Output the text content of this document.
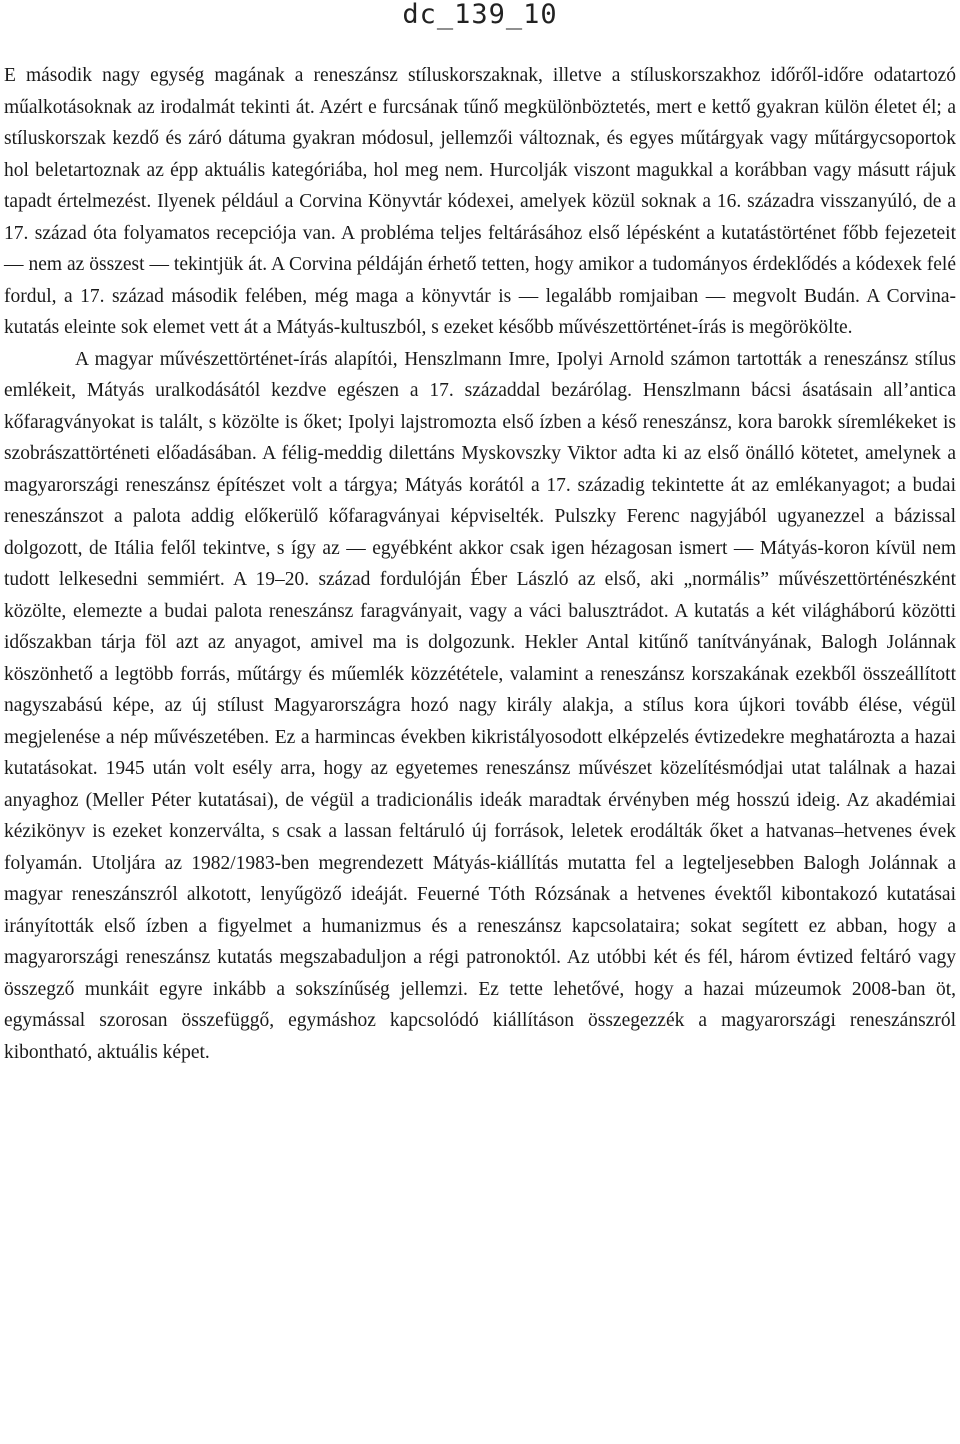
dc_139_10

E második nagy egység magának a reneszánsz stíluskorszaknak, illetve a stíluskorszakhoz időről-időre odatartozó műalkotásoknak az irodalmát tekinti át. Azért e furcsának tűnő megkülönböztetés, mert e kettő gyakran külön életet él; a stíluskorszak kezdő és záró dátuma gyakran módosul, jellemzői változnak, és egyes műtárgyak vagy műtárgycsoportok hol beletartoznak az épp aktuális kategóriába, hol meg nem. Hurcolják viszont magukkal a korábban vagy másutt rájuk tapadt értelmezést. Ilyenek például a Corvina Könyvtár kódexei, amelyek közül soknak a 16. századra visszanyúló, de a 17. század óta folyamatos recepciója van. A probléma teljes feltárásához első lépésként a kutatástörténet főbb fejezeteit — nem az összest — tekintjük át. A Corvina példáján érhető tetten, hogy amikor a tudományos érdeklődés a kódexek felé fordul, a 17. század második felében, még maga a könyvtár is — legalább romjaiban — megvolt Budán. A Corvina-kutatás eleinte sok elemet vett át a Mátyás-kultuszból, s ezeket később művészettörténet-írás is megörökölte.

A magyar művészettörténet-írás alapítói, Henszlmann Imre, Ipolyi Arnold számon tartották a reneszánsz stílus emlékeit, Mátyás uralkodásától kezdve egészen a 17. századdal bezárólag. Henszlmann bácsi ásatásain all’antica kőfaragványokat is talált, s közölte is őket; Ipolyi lajstromozta első ízben a késő reneszánsz, kora barokk síremlékeket is szobrászattörténeti előadásában. A félig-meddig dilettáns Myskovszky Viktor adta ki az első önálló kötetet, amelynek a magyarországi reneszánsz építészet volt a tárgya; Mátyás korától a 17. századig tekintette át az emlékanyagot; a budai reneszánszot a palota addig előkerülő kőfaragványai képviselték. Pulszky Ferenc nagyjából ugyanezzel a bázissal dolgozott, de Itália felől tekintve, s így az — egyébként akkor csak igen hézagosan ismert — Mátyás-koron kívül nem tudott lelkesedni semmiért. A 19–20. század fordulóján Éber László az első, aki „normális” művészettörténészként közölte, elemezte a budai palota reneszánsz faragványait, vagy a váci balusztrádot. A kutatás a két világháború közötti időszakban tárja föl azt az anyagot, amivel ma is dolgozunk. Hekler Antal kitűnő tanítványának, Balogh Jolánnak köszönhető a legtöbb forrás, műtárgy és műemlék közzététele, valamint a reneszánsz korszakának ezekből összeállított nagyszabású képe, az új stílust Magyarországra hozó nagy király alakja, a stílus kora újkori tovább élése, végül megjelenése a nép művészetében. Ez a harmincas években kikristályosodott elképzelés évtizedekre meghatározta a hazai kutatásokat. 1945 után volt esély arra, hogy az egyetemes reneszánsz művészet közelítésmódjai utat találnak a hazai anyaghoz (Meller Péter kutatásai), de végül a tradicionális ideák maradtak érvényben még hosszú ideig. Az akadémiai kézikönyv is ezeket konzerválta, s csak a lassan feltáruló új források, leletek erodálták őket a hatvanas–hetvenes évek folyamán. Utoljára az 1982/1983-ben megrendezett Mátyás-kiállítás mutatta fel a legteljesebben Balogh Jolánnak a magyar reneszánszról alkotott, lenyűgöző ideáját. Feuerné Tóth Rózsának a hetvenes évektől kibontakozó kutatásai irányították első ízben a figyelmet a humanizmus és a reneszánsz kapcsolataira; sokat segített ez abban, hogy a magyarországi reneszánsz kutatás megszabaduljon a régi patronoktól. Az utóbbi két és fél, három évtized feltáró vagy összegző munkáit egyre inkább a sokszínűség jellemzi. Ez tette lehetővé, hogy a hazai múzeumok 2008-ban öt, egymással szorosan összefüggő, egymáshoz kapcsolódó kiállításon összegezzék a magyarországi reneszánszról kibontható, aktuális képet.
